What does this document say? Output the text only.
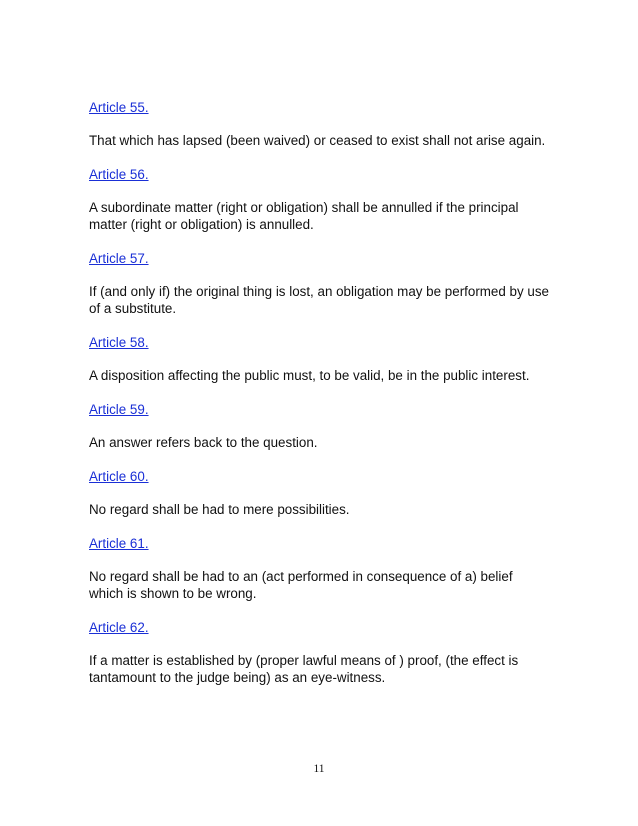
Article 55.

That which has lapsed (been waived) or ceased to exist shall not arise again.

Article 56.

A subordinate matter (right or obligation) shall be annulled if the principal matter (right or obligation) is annulled.

Article 57.

If (and only if) the original thing is lost, an obligation may be performed by use of a substitute.

Article 58.

A disposition affecting the public must, to be valid, be in the public interest.

Article 59.

An answer refers back to the question.

Article 60.

No regard shall be had to mere possibilities.

Article 61.

No regard shall be had to an (act performed in consequence of a) belief which is shown to be wrong.

Article 62.

If a matter is established by (proper lawful means of ) proof, (the effect is tantamount to the judge being) as an eye-witness.

11
